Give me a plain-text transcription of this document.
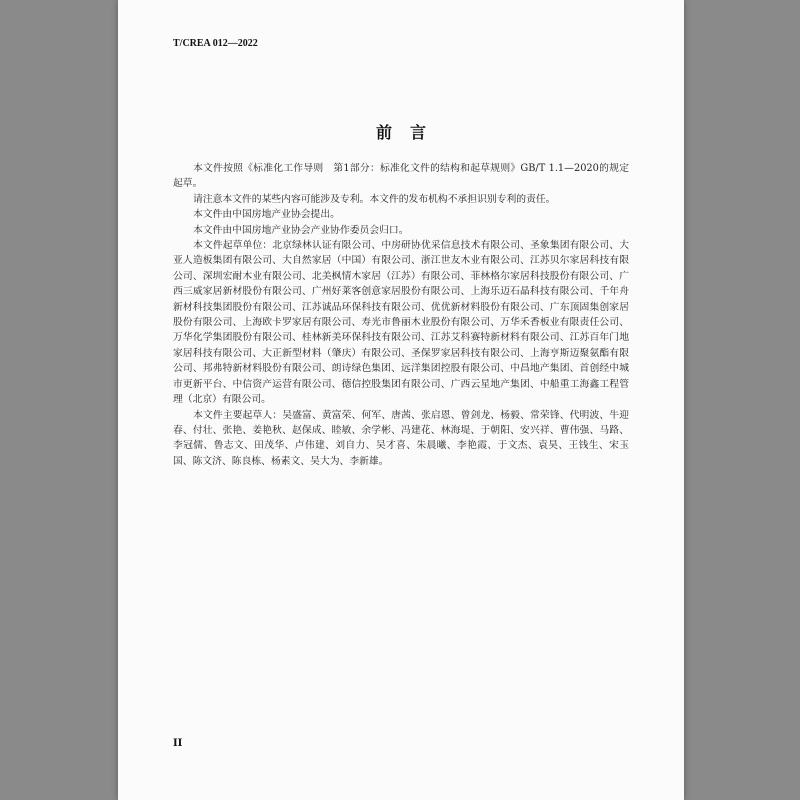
T/CREA 012—2022
前言

本文件按照《标准化工作导则　第1部分：标准化文件的结构和起草规则》GB/T 1.1—2020的规定起草。

请注意本文件的某些内容可能涉及专利。本文件的发布机构不承担识别专利的责任。

本文件由中国房地产业协会提出。

本文件由中国房地产业协会产业协作委员会归口。

本文件起草单位：北京绿林认证有限公司、中房研协优采信息技术有限公司、圣象集团有限公司、大亚人造板集团有限公司、大自然家居（中国）有限公司、浙江世友木业有限公司、江苏贝尔家居科技有限公司、深圳宏耐木业有限公司、北美枫情木家居（江苏）有限公司、菲林格尔家居科技股份有限公司、广西三威家居新材股份有限公司、广州好莱客创意家居股份有限公司、上海乐迈石晶科技有限公司、千年舟新材科技集团股份有限公司、江苏诚品环保科技有限公司、优优新材料股份有限公司、广东顶固集创家居股份有限公司、上海欧卡罗家居有限公司、寿光市鲁丽木业股份有限公司、万华禾香板业有限责任公司、万华化学集团股份有限公司、桂林新美环保科技有限公司、江苏艾科赛特新材料有限公司、江苏百年门地家居科技有限公司、大正新型材料（肇庆）有限公司、圣保罗家居科技有限公司、上海亨斯迈聚氨酯有限公司、邦弗特新材料股份有限公司、朗诗绿色集团、远洋集团控股有限公司、中昌地产集团、首创经中城市更新平台、中信资产运营有限公司、德信控股集团有限公司、广西云星地产集团、中船重工海鑫工程管理（北京）有限公司。

本文件主要起草人：吴盛富、黄富荣、何军、唐茜、张启恩、曾剑龙、杨毅、常荣锋、代明波、牛迎春、付壮、张艳、姜艳秋、赵保成、睦敏、余学彬、冯建花、林海堤、于朝阳、安兴祥、曹伟强、马路、李冠儒、鲁志文、田茂华、卢伟建、刘自力、吴才喜、朱晨曦、李艳霞、于文杰、袁昊、王钱生、宋玉国、陈文济、陈良栋、杨素文、吴大为、李新雄。

II
